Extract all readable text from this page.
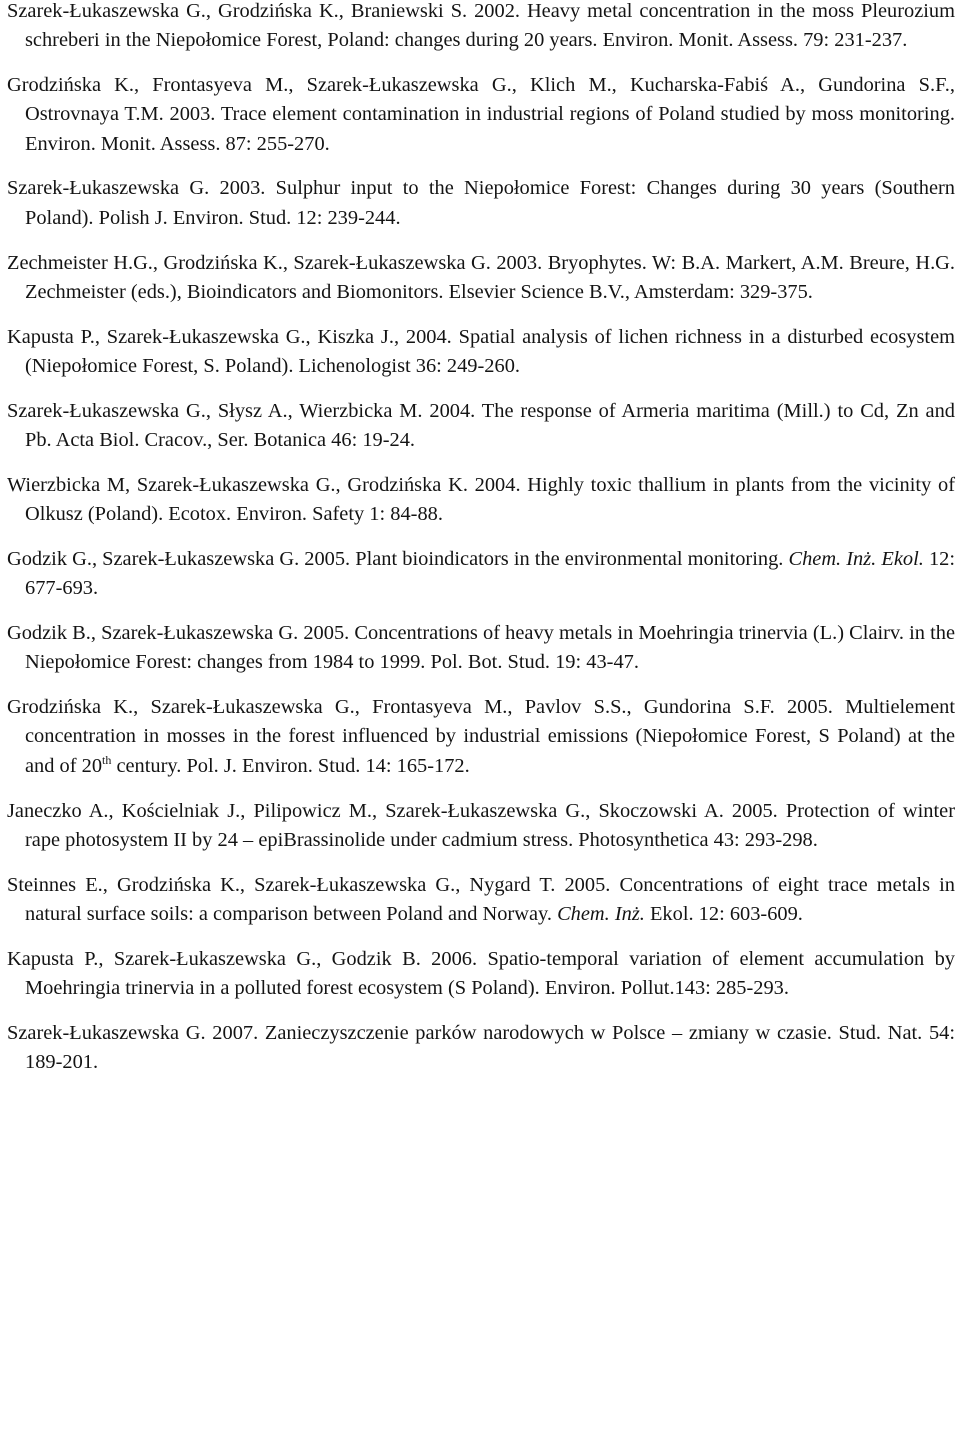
Szarek-Łukaszewska G., Grodzińska K., Braniewski S. 2002. Heavy metal concentration in the moss Pleurozium schreberi in the Niepołomice Forest, Poland: changes during 20 years. Environ. Monit. Assess. 79: 231-237.

Grodzińska K., Frontasyeva M., Szarek-Łukaszewska G., Klich M., Kucharska-Fabiś A., Gundorina S.F., Ostrovnaya T.M. 2003. Trace element contamination in industrial regions of Poland studied by moss monitoring. Environ. Monit. Assess. 87: 255-270.

Szarek-Łukaszewska G. 2003. Sulphur input to the Niepołomice Forest: Changes during 30 years (Southern Poland). Polish J. Environ. Stud. 12: 239-244.

Zechmeister H.G., Grodzińska K., Szarek-Łukaszewska G. 2003. Bryophytes. W: B.A. Markert, A.M. Breure, H.G. Zechmeister (eds.), Bioindicators and Biomonitors. Elsevier Science B.V., Amsterdam: 329-375.

Kapusta P., Szarek-Łukaszewska G., Kiszka J., 2004. Spatial analysis of lichen richness in a disturbed ecosystem (Niepołomice Forest, S. Poland). Lichenologist 36: 249-260.

Szarek-Łukaszewska G., Słysz A., Wierzbicka M. 2004. The response of Armeria maritima (Mill.) to Cd, Zn and Pb. Acta Biol. Cracov., Ser. Botanica 46: 19-24.

Wierzbicka M, Szarek-Łukaszewska G., Grodzińska K. 2004. Highly toxic thallium in plants from the vicinity of Olkusz (Poland). Ecotox. Environ. Safety 1: 84-88.

Godzik G., Szarek-Łukaszewska G. 2005. Plant bioindicators in the environmental monitoring. Chem. Inż. Ekol. 12: 677-693.

Godzik B., Szarek-Łukaszewska G. 2005. Concentrations of heavy metals in Moehringia trinervia (L.) Clairv. in the Niepołomice Forest: changes from 1984 to 1999. Pol. Bot. Stud. 19: 43-47.

Grodzińska K., Szarek-Łukaszewska G., Frontasyeva M., Pavlov S.S., Gundorina S.F. 2005. Multielement concentration in mosses in the forest influenced by industrial emissions (Niepołomice Forest, S Poland) at the and of 20th century. Pol. J. Environ. Stud. 14: 165-172.

Janeczko A., Kościelniak J., Pilipowicz M., Szarek-Łukaszewska G., Skoczowski A. 2005. Protection of winter rape photosystem II by 24 – epiBrassinolide under cadmium stress. Photosynthetica 43: 293-298.

Steinnes E., Grodzińska K., Szarek-Łukaszewska G., Nygard T. 2005. Concentrations of eight trace metals in natural surface soils: a comparison between Poland and Norway. Chem. Inż. Ekol. 12: 603-609.

Kapusta P., Szarek-Łukaszewska G., Godzik B. 2006. Spatio-temporal variation of element accumulation by Moehringia trinervia in a polluted forest ecosystem (S Poland). Environ. Pollut.143: 285-293.

Szarek-Łukaszewska G. 2007. Zanieczyszczenie parków narodowych w Polsce – zmiany w czasie. Stud. Nat. 54: 189-201.
